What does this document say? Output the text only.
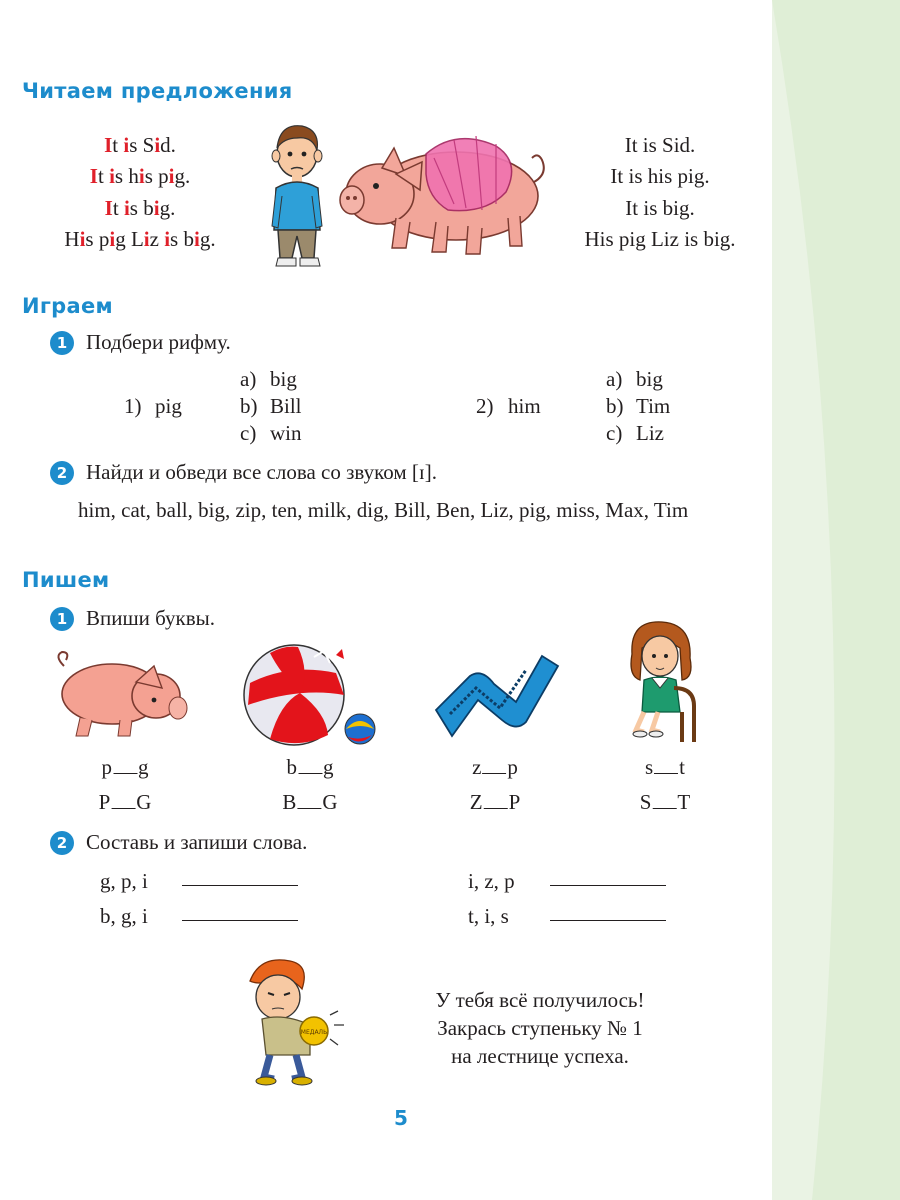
Читаем предложения
It is Sid.
It is his pig.
It is big.
His pig Liz is big.
It is Sid.
It is his pig.
It is big.
His pig Liz is big.
Играем
1 Подбери рифму.
1) pig
a) big
b) Bill
c) win
2) him
a) big
b) Tim
c) Liz
2 Найди и обведи все слова со звуком [ɪ].
him, cat, ball, big, zip, ten, milk, dig, Bill, Ben, Liz, pig, miss, Max, Tim
Пишем
1 Впиши буквы.
p g
P G
b g
B G
z p
Z P
s t
S T
2 Составь и запиши слова.
g, p, i	i, z, p
b, g, i	t, i, s
МЕДАЛЬ
У тебя всё получилось!
Закрась ступеньку № 1
на лестнице успеха.
5
